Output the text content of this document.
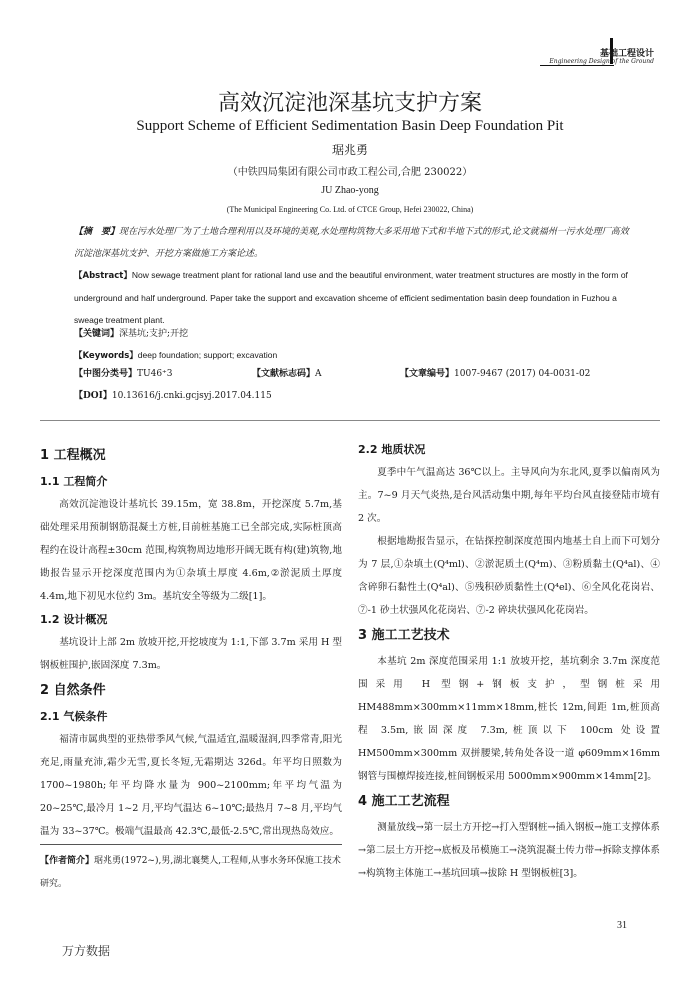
基础工程设计
Engineering Design of the Ground
高效沉淀池深基坑支护方案
Support Scheme of Efficient Sedimentation Basin Deep Foundation Pit
琚兆勇
（中铁四局集团有限公司市政工程公司,合肥 230022）
JU Zhao-yong
(The Municipal Engineering Co. Ltd. of CTCE Group, Hefei 230022, China)
【摘　要】现在污水处理厂为了土地合理利用以及环境的美观,水处理构筑物大多采用地下式和半地下式的形式,论文就福州一污水处理厂高效沉淀池深基坑支护、开挖方案做施工方案论述。
【Abstract】Now sewage treatment plant for rational land use and the beautiful environment, water treatment structures are mostly in the form of underground and half underground. Paper take the support and excavation shceme of efficient sedimentation basin deep foundation in Fuzhou a sweage treatment plant.
【关键词】深基坑;支护;开挖
【Keywords】deep foundation; support; excavation
【中图分类号】TU46⁺3	【文献标志码】A	【文章编号】1007-9467 (2017) 04-0031-02
【DOI】10.13616/j.cnki.gcjsyj.2017.04.115

1 工程概况

1.1 工程简介

高效沉淀池设计基坑长 39.15m，宽 38.8m，开挖深度 5.7m,基础处理采用预制钢筋混凝土方桩,目前桩基施工已全部完成,实际桩顶高程约在设计高程±30cm 范围,构筑物周边地形开阔无既有构(建)筑物,地勘报告显示开挖深度范围内为①杂填土厚度 4.6m,②淤泥质土厚度 4.4m,地下初见水位约 3m。基坑安全等级为二级[1]。

1.2 设计概况

基坑设计上部 2m 放坡开挖,开挖坡度为 1:1,下部 3.7m 采用 H 型钢板桩围护,嵌固深度 7.3m。

2 自然条件

2.1 气候条件

福清市属典型的亚热带季风气候,气温适宜,温暖湿润,四季常青,阳光充足,雨量充沛,霜少无雪,夏长冬短,无霜期达 326d。年平均日照数为 1700~1980h;年平均降水量为 900~2100mm;年平均气温为 20~25℃,最冷月 1~2 月,平均气温达 6~10℃;最热月 7~8 月,平均气温为 33~37℃。极端气温最高 42.3℃,最低-2.5℃,常出现热岛效应。

2.2 地质状况

夏季中午气温高达 36℃以上。主导风向为东北风,夏季以偏南风为主。7~9 月天气炎热,是台风活动集中期,每年平均台风直接登陆市境有 2 次。

根据地勘报告显示，在钻探控制深度范围内地基土自上而下可划分为 7 层,①杂填土(Q⁴ml)、②淤泥质土(Q⁴m)、③粉质黏土(Q⁴al)、④含碎卵石黏性土(Q⁴al)、⑤残积砂质黏性土(Q⁴el)、⑥全风化花岗岩、⑦-1 砂土状强风化花岗岩、⑦-2 碎块状强风化花岗岩。

3 施工工艺技术

本基坑 2m 深度范围采用 1:1 放坡开挖，基坑剩余 3.7m 深度范围采用 H 型钢+钢板支护，型钢桩采用 HM488mm×300mm×11mm×18mm,桩长 12m,间距 1m,桩顶高程 3.5m,嵌固深度 7.3m,桩顶以下 100cm 处设置 HM500mm×300mm 双拼腰梁,转角处各设一道 φ609mm×16mm 钢管与围檩焊接连接,桩间钢板采用 5000mm×900mm×14mm[2]。

4 施工工艺流程

测量放线→第一层土方开挖→打入型钢桩→插入钢板→施工支撑体系→第二层土方开挖→底板及吊模施工→浇筑混凝土传力带→拆除支撑体系→构筑物主体施工→基坑回填→拔除 H 型钢板桩[3]。

【作者简介】琚兆勇(1972~),男,湖北襄樊人,工程师,从事水务环保施工技术研究。
31
万方数据
